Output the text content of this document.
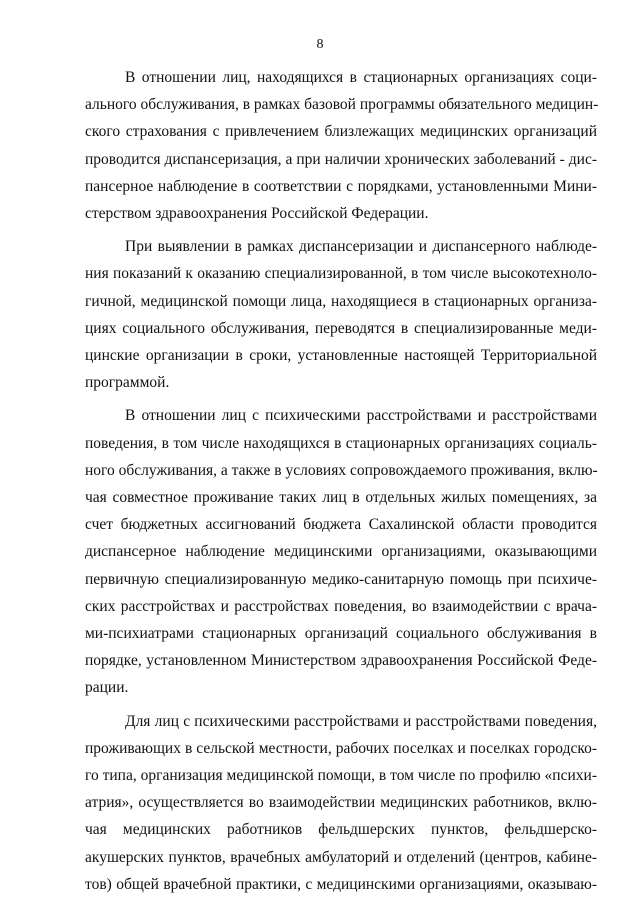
8
В отношении лиц, находящихся в стационарных организациях соци-
ального обслуживания, в рамках базовой программы обязательного медицин-
ского страхования с привлечением близлежащих медицинских организаций
проводится диспансеризация, а при наличии хронических заболеваний - дис-
пансерное наблюдение в соответствии с порядками, установленными Мини-
стерством здравоохранения Российской Федерации.
При выявлении в рамках диспансеризации и диспансерного наблюде-
ния показаний к оказанию специализированной, в том числе высокотехноло-
гичной, медицинской помощи лица, находящиеся в стационарных организа-
циях социального обслуживания, переводятся в специализированные меди-
цинские организации в сроки, установленные настоящей Территориальной
программой.
В отношении лиц с психическими расстройствами и расстройствами
поведения, в том числе находящихся в стационарных организациях социаль-
ного обслуживания, а также в условиях сопровождаемого проживания, вклю-
чая совместное проживание таких лиц в отдельных жилых помещениях, за
счет бюджетных ассигнований бюджета Сахалинской области проводится
диспансерное наблюдение медицинскими организациями, оказывающими
первичную специализированную медико-санитарную помощь при психиче-
ских расстройствах и расстройствах поведения, во взаимодействии с врача-
ми-психиатрами стационарных организаций социального обслуживания в
порядке, установленном Министерством здравоохранения Российской Феде-
рации.
Для лиц с психическими расстройствами и расстройствами поведения,
проживающих в сельской местности, рабочих поселках и поселках городско-
го типа, организация медицинской помощи, в том числе по профилю «психи-
атрия», осуществляется во взаимодействии медицинских работников, вклю-
чая медицинских работников фельдшерских пунктов, фельдшерско-
акушерских пунктов, врачебных амбулаторий и отделений (центров, кабине-
тов) общей врачебной практики, с медицинскими организациями, оказываю-
